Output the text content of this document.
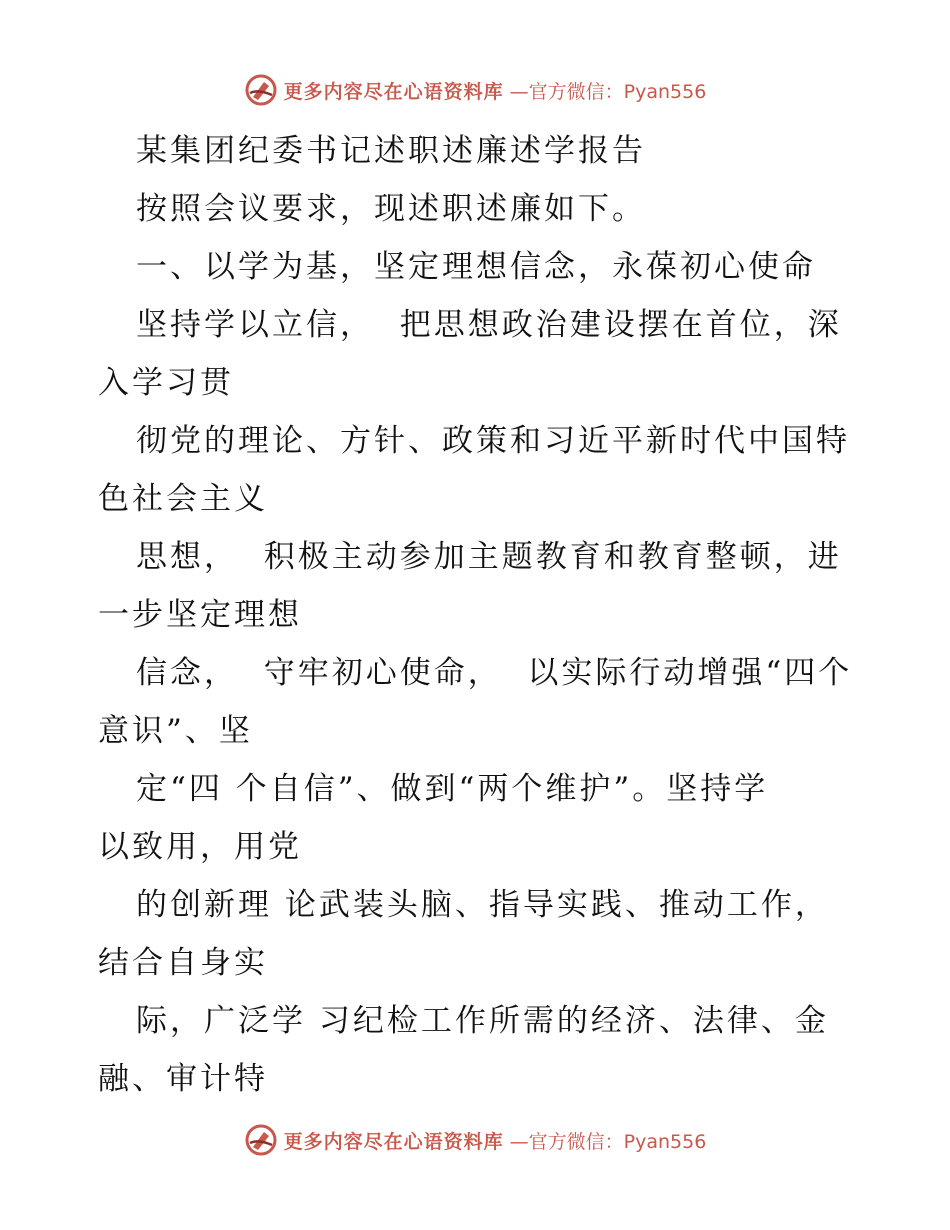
更多内容尽在心语资料库 —官方微信：Pyan556
某集团纪委书记述职述廉述学报告
按照会议要求，现述职述廉如下。
一、以学为基，坚定理想信念，永葆初心使命
坚持学以立信，  把思想政治建设摆在首位，深
入学习贯
彻党的理论、方针、政策和习近平新时代中国特
色社会主义
思想，  积极主动参加主题教育和教育整顿，进
一步坚定理想
信念，  守牢初心使命，  以实际行动增强“四个
意识”、坚
定“四 个自信”、做到“两个维护”。坚持学
以致用，用党
的创新理 论武装头脑、指导实践、推动工作，
结合自身实
际，广泛学 习纪检工作所需的经济、法律、金
融、审计特
更多内容尽在心语资料库 —官方微信：Pyan556
